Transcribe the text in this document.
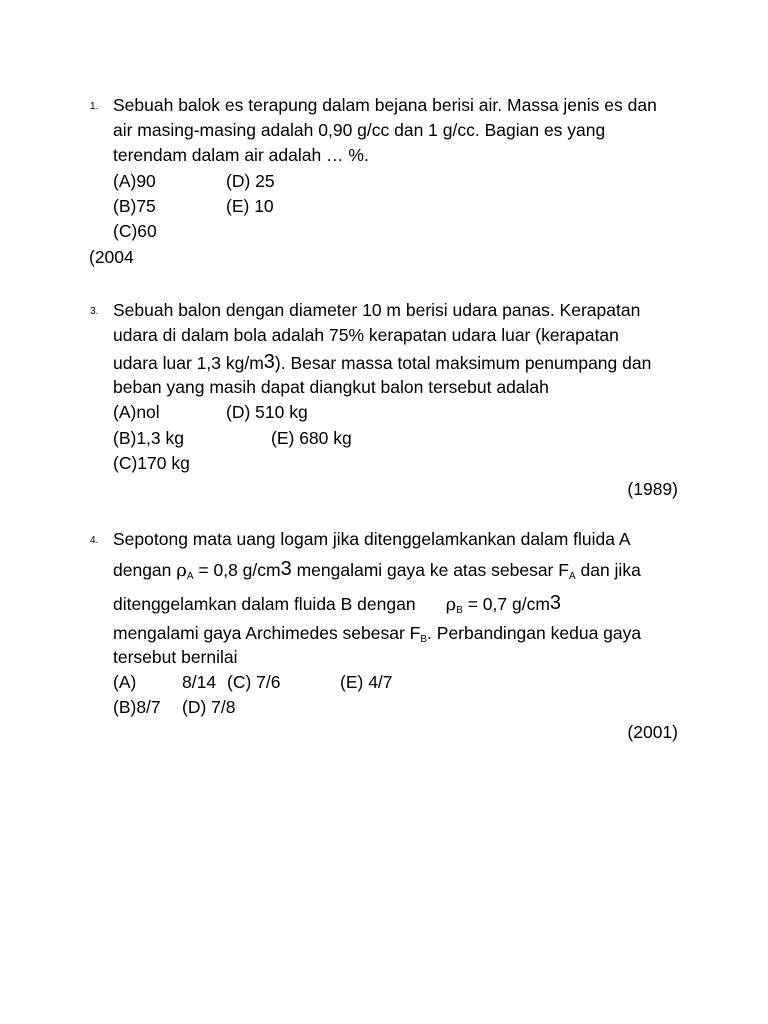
1. Sebuah balok es terapung dalam bejana berisi air. Massa jenis es dan
air masing-masing adalah 0,90 g/cc dan 1 g/cc. Bagian es yang
terendam dalam air adalah … %.
(A)90	(D) 25
(B)75	(E) 10
(C)60
(2004
3. Sebuah balon dengan diameter 10 m berisi udara panas. Kerapatan
udara di dalam bola adalah 75% kerapatan udara luar (kerapatan
udara luar 1,3 kg/m3). Besar massa total maksimum penumpang dan
beban yang masih dapat diangkut balon tersebut adalah
(A)nol	(D) 510 kg
(B)1,3 kg	(E) 680 kg
(C)170 kg
(1989)
4. Sepotong mata uang logam jika ditenggelamkankan dalam fluida A
dengan $\rho_A = 0,8$ g/cm3 mengalami gaya ke atas sebesar $F_A$ dan jika
ditenggelamkan dalam fluida B dengan $\rho_B = 0,7$ g/cm3
mengalami gaya Archimedes sebesar $F_B$. Perbandingan kedua gaya
tersebut bernilai
(A)	8/14 (C) 7/6	(E) 4/7
(B)8/7 (D) 7/8
(2001)
